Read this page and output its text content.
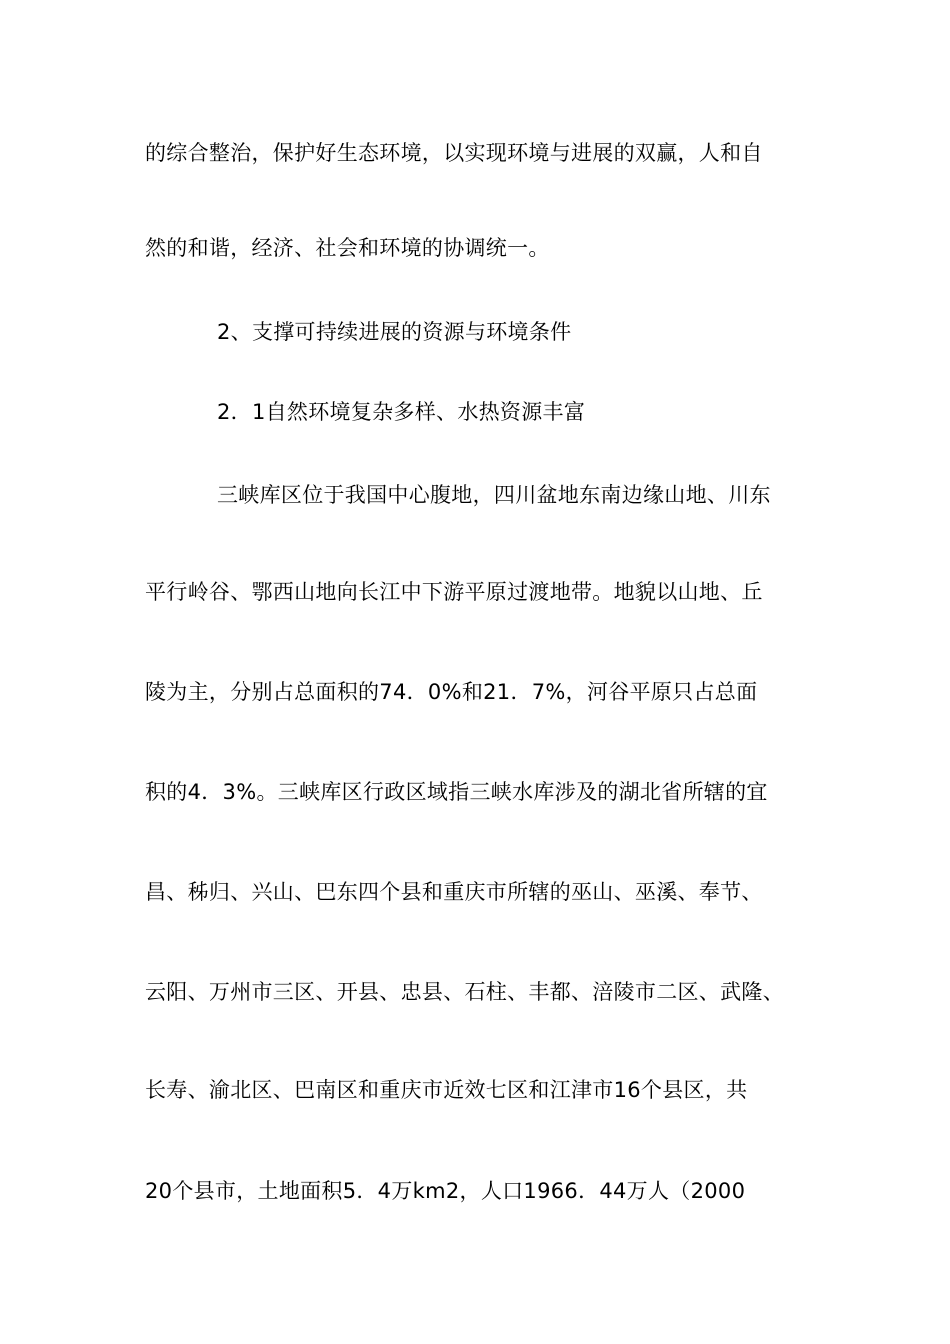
的综合整治，保护好生态环境，以实现环境与进展的双赢，人和自
然的和谐，经济、社会和环境的协调统一。
2、支撑可持续进展的资源与环境条件
2．1自然环境复杂多样、水热资源丰富
三峡库区位于我国中心腹地，四川盆地东南边缘山地、川东
平行岭谷、鄂西山地向长江中下游平原过渡地带。地貌以山地、丘
陵为主，分别占总面积的74．0%和21．7%，河谷平原只占总面
积的4．3%。三峡库区行政区域指三峡水库涉及的湖北省所辖的宜
昌、秭归、兴山、巴东四个县和重庆市所辖的巫山、巫溪、奉节、
云阳、万州市三区、开县、忠县、石柱、丰都、涪陵市二区、武隆、
长寿、渝北区、巴南区和重庆市近效七区和江津市16个县区，共
20个县市，土地面积5．4万km2，人口1966．44万人（2000
